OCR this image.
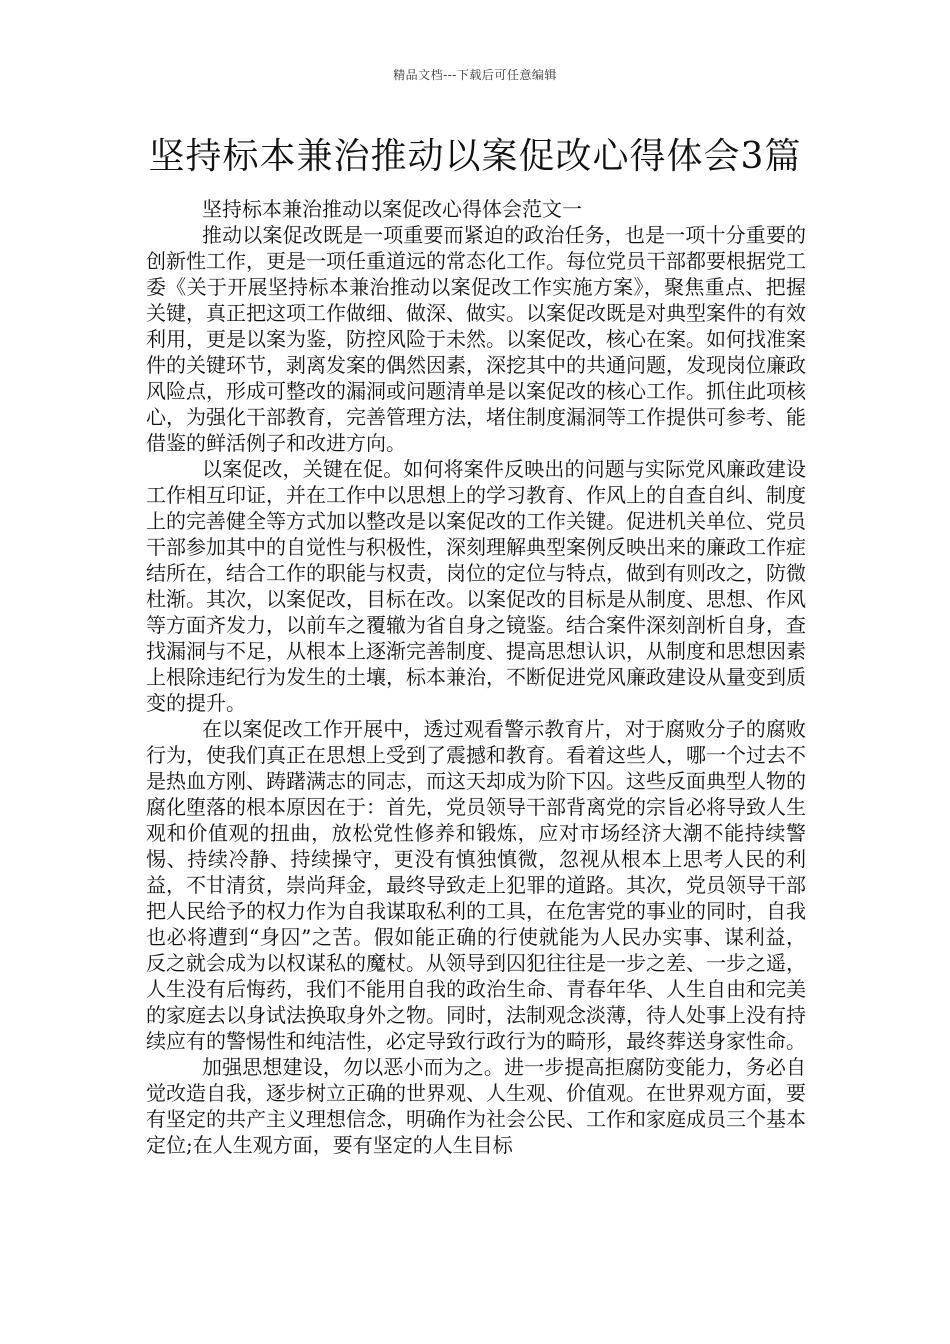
精品文档---下载后可任意编辑
坚持标本兼治推动以案促改心得体会3篇

坚持标本兼治推动以案促改心得体会范文一

推动以案促改既是一项重要而紧迫的政治任务，也是一项十分重要的创新性工作，更是一项任重道远的常态化工作。每位党员干部都要根据党工委《关于开展坚持标本兼治推动以案促改工作实施方案》，聚焦重点、把握关键，真正把这项工作做细、做深、做实。以案促改既是对典型案件的有效利用，更是以案为鉴，防控风险于未然。以案促改，核心在案。如何找准案件的关键环节，剥离发案的偶然因素，深挖其中的共通问题，发现岗位廉政风险点，形成可整改的漏洞或问题清单是以案促改的核心工作。抓住此项核心，为强化干部教育，完善管理方法，堵住制度漏洞等工作提供可参考、能借鉴的鲜活例子和改进方向。

以案促改，关键在促。如何将案件反映出的问题与实际党风廉政建设工作相互印证，并在工作中以思想上的学习教育、作风上的自查自纠、制度上的完善健全等方式加以整改是以案促改的工作关键。促进机关单位、党员干部参加其中的自觉性与积极性，深刻理解典型案例反映出来的廉政工作症结所在，结合工作的职能与权责，岗位的定位与特点，做到有则改之，防微杜渐。其次，以案促改，目标在改。以案促改的目标是从制度、思想、作风等方面齐发力，以前车之覆辙为省自身之镜鉴。结合案件深刻剖析自身，查找漏洞与不足，从根本上逐渐完善制度、提高思想认识，从制度和思想因素上根除违纪行为发生的土壤，标本兼治，不断促进党风廉政建设从量变到质变的提升。

在以案促改工作开展中，透过观看警示教育片，对于腐败分子的腐败行为，使我们真正在思想上受到了震撼和教育。看着这些人，哪一个过去不是热血方刚、踌躇满志的同志，而这天却成为阶下囚。这些反面典型人物的腐化堕落的根本原因在于：首先，党员领导干部背离党的宗旨必将导致人生观和价值观的扭曲，放松党性修养和锻炼，应对市场经济大潮不能持续警惕、持续冷静、持续操守，更没有慎独慎微，忽视从根本上思考人民的利益，不甘清贫，崇尚拜金，最终导致走上犯罪的道路。其次，党员领导干部把人民给予的权力作为自我谋取私利的工具，在危害党的事业的同时，自我也必将遭到“身囚”之苦。假如能正确的行使就能为人民办实事、谋利益，反之就会成为以权谋私的魔杖。从领导到囚犯往往是一步之差、一步之遥，人生没有后悔药，我们不能用自我的政治生命、青春年华、人生自由和完美的家庭去以身试法换取身外之物。同时，法制观念淡薄，待人处事上没有持续应有的警惕性和纯洁性，必定导致行政行为的畸形，最终葬送身家性命。

加强思想建设，勿以恶小而为之。进一步提高拒腐防变能力，务必自觉改造自我，逐步树立正确的世界观、人生观、价值观。在世界观方面，要有坚定的共产主义理想信念，明确作为社会公民、工作和家庭成员三个基本定位;在人生观方面，要有坚定的人生目标
